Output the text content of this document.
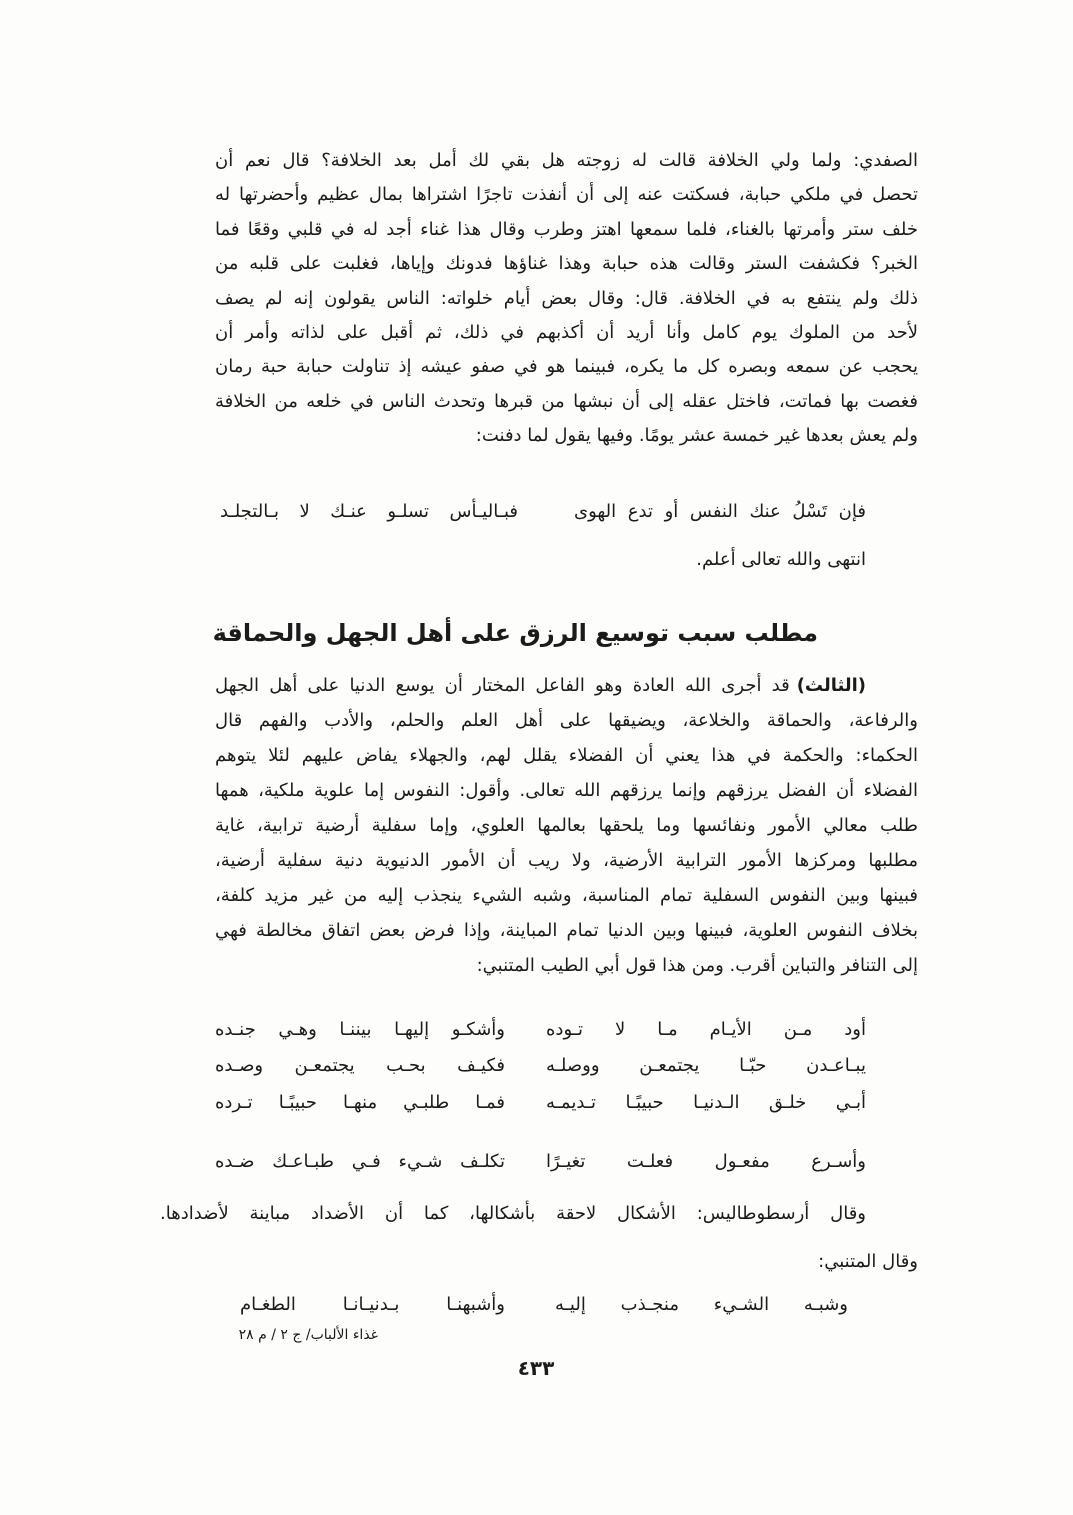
الصفدي: ولما ولي الخلافة قالت له زوجته هل بقي لك أمل بعد الخلافة؟ قال نعم أن
تحصل في ملكي حبابة، فسكتت عنه إلى أن أنفذت تاجرًا اشتراها بمال عظيم وأحضرتها له
خلف ستر وأمرتها بالغناء، فلما سمعها اهتز وطرب وقال هذا غناء أجد له في قلبي وقعًا فما
الخبر؟ فكشفت الستر وقالت هذه حبابة وهذا غناؤها فدونك وإياها، فغلبت على قلبه من
ذلك ولم ينتفع به في الخلافة. قال: وقال بعض أيام خلواته: الناس يقولون إنه لم يصف
لأحد من الملوك يوم كامل وأنا أريد أن أكذبهم في ذلك، ثم أقبل على لذاته وأمر أن
يحجب عن سمعه وبصره كل ما يكره، فبينما هو في صفو عيشه إذ تناولت حبابة حبة رمان
فغصت بها فماتت، فاختل عقله إلى أن نبشها من قبرها وتحدث الناس في خلعه من الخلافة
ولم يعش بعدها غير خمسة عشر يومًا. وفيها يقول لما دفنت:
فإن تَسْلُ عنك النفس أو تدع الهوى
فبـاليـأس تسلـو عنـك لا بـالتجلـد
انتهى والله تعالى أعلم.
مطلب سبب توسيع الرزق على أهل الجهل والحماقة
(الثالث)قد أجرى الله العادة وهو الفاعل المختار أن يوسع الدنيا على أهل الجهل
والرفاعة، والحماقة والخلاعة، ويضيقها على أهل العلم والحلم، والأدب والفهم قال
الحكماء: والحكمة في هذا يعني أن الفضلاء يقلل لهم، والجهلاء يفاض عليهم لئلا يتوهم
الفضلاء أن الفضل يرزقهم وإنما يرزقهم الله تعالى. وأقول: النفوس إما علوية ملكية، همها
طلب معالي الأمور ونفائسها وما يلحقها بعالمها العلوي، وإما سفلية أرضية ترابية، غاية
مطلبها ومركزها الأمور الترابية الأرضية، ولا ريب أن الأمور الدنيوية دنية سفلية أرضية،
فبينها وبين النفوس السفلية تمام المناسبة، وشبه الشيء ينجذب إليه من غير مزيد كلفة،
بخلاف النفوس العلوية، فبينها وبين الدنيا تمام المباينة، وإذا فرض بعض اتفاق مخالطة فهي
إلى التنافر والتباين أقرب. ومن هذا قول أبي الطيب المتنبي:
أود مـن الأيـام مـا لا تـوده
وأشكـو إليهـا بيننـا وهـي جنـده
يبـاعـدن حبّـا يجتمعـن ووصلـه
فكيـف بحـب يجتمعـن وصـده
أبـي خلـق الـدنيـا حبيبًـا تـديمـه
فمـا طلبـي منهـا حبيبًـا تـرده
وأسـرع مفعـول فعلـت تغيـرًا
تكلـف شـيء فـي طبـاعـك ضـده
وقال أرسطوطاليس: الأشكال لاحقة بأشكالها، كما أن الأضداد مباينة لأضدادها.
وقال المتنبي:
وشبـه الشـيء منجـذب إليـه
وأشبهنـا بـدنيـانـا الطغـام
غذاء الألباب/ ج ٢ / م ٢٨
٤٣٣
